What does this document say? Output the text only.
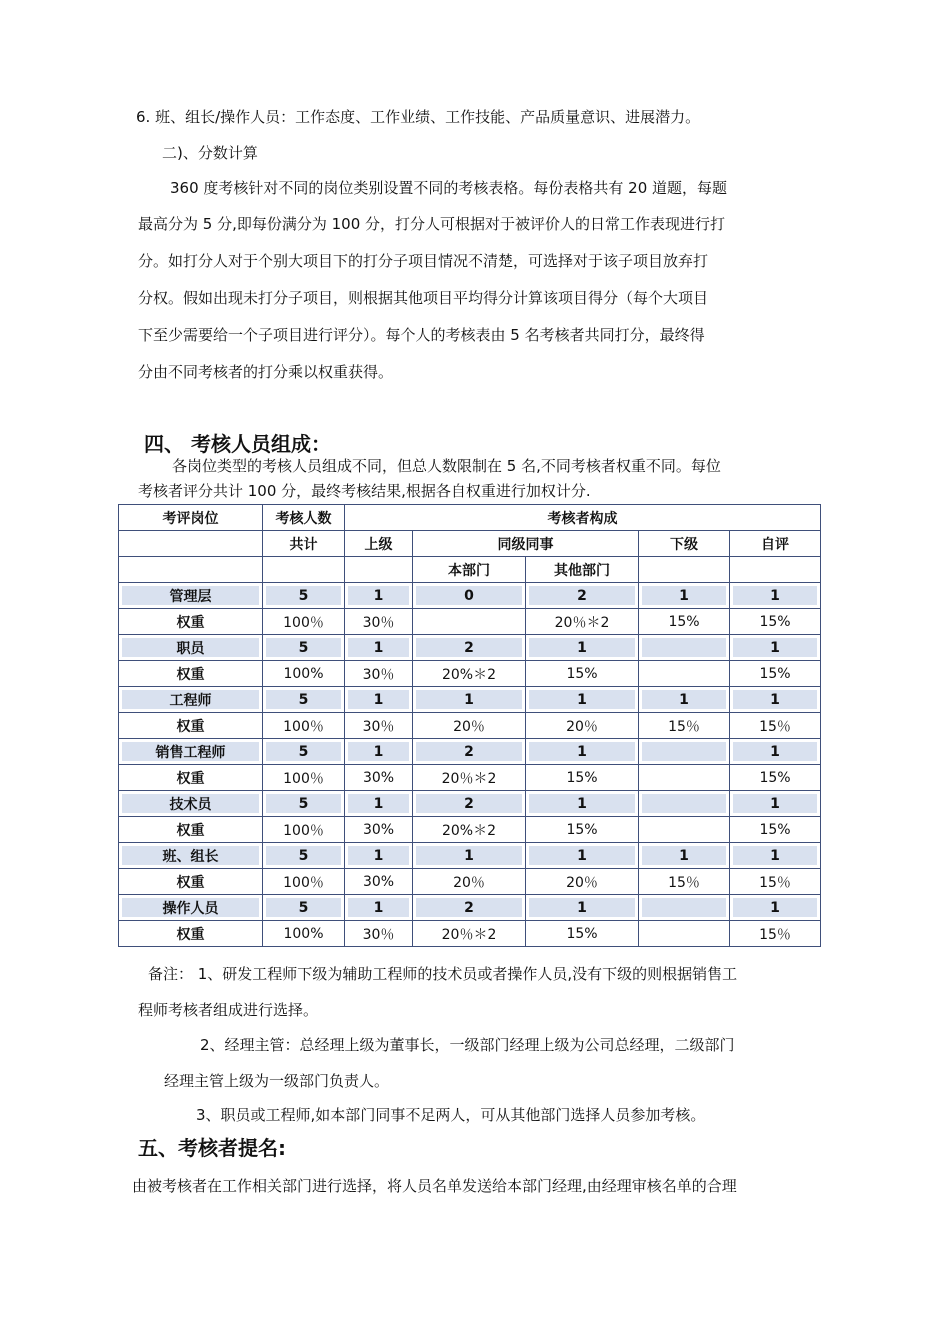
6. 班、组长/操作人员：工作态度、工作业绩、工作技能、产品质量意识、进展潜力。
二)、分数计算
360 度考核针对不同的岗位类别设置不同的考核表格。每份表格共有 20 道题，每题
最高分为 5 分,即每份满分为 100 分，打分人可根据对于被评价人的日常工作表现进行打
分。如打分人对于个别大项目下的打分子项目情况不清楚，可选择对于该子项目放弃打
分权。假如出现未打分子项目，则根据其他项目平均得分计算该项目得分（每个大项目
下至少需要给一个子项目进行评分）。每个人的考核表由 5 名考核者共同打分，最终得
分由不同考核者的打分乘以权重获得。
四、 考核人员组成：
各岗位类型的考核人员组成不同，但总人数限制在 5 名,不同考核者权重不同。每位
考核者评分共计 100 分，最终考核结果,根据各自权重进行加权计分.
考评岗位	考核人数	考核者构成				
	共计	上级	同级同事		下级	自评
			本部门	其他部门		
管理层	5	1	0	2	1	1
权重	100％	30％		20％＊2	15%	15%
职员	5	1	2	1		1
权重	100%	30％	20%＊2	15%		15%
工程师	5	1	1	1	1	1
权重	100％	30％	20％	20％	15％	15％
销售工程师	5	1	2	1		1
权重	100％	30%	20％＊2	15%		15%
技术员	5	1	2	1		1
权重	100％	30%	20%＊2	15%		15%
班、组长	5	1	1	1	1	1
权重	100％	30%	20％	20％	15％	15％
操作人员	5	1	2	1		1
权重	100%	30％	20％＊2	15%		15％
备注： 1、研发工程师下级为辅助工程师的技术员或者操作人员,没有下级的则根据销售工
程师考核者组成进行选择。
2、经理主管：总经理上级为董事长，一级部门经理上级为公司总经理，二级部门
经理主管上级为一级部门负责人。
3、职员或工程师,如本部门同事不足两人，可从其他部门选择人员参加考核。
五、考核者提名:
由被考核者在工作相关部门进行选择，将人员名单发送给本部门经理,由经理审核名单的合理
